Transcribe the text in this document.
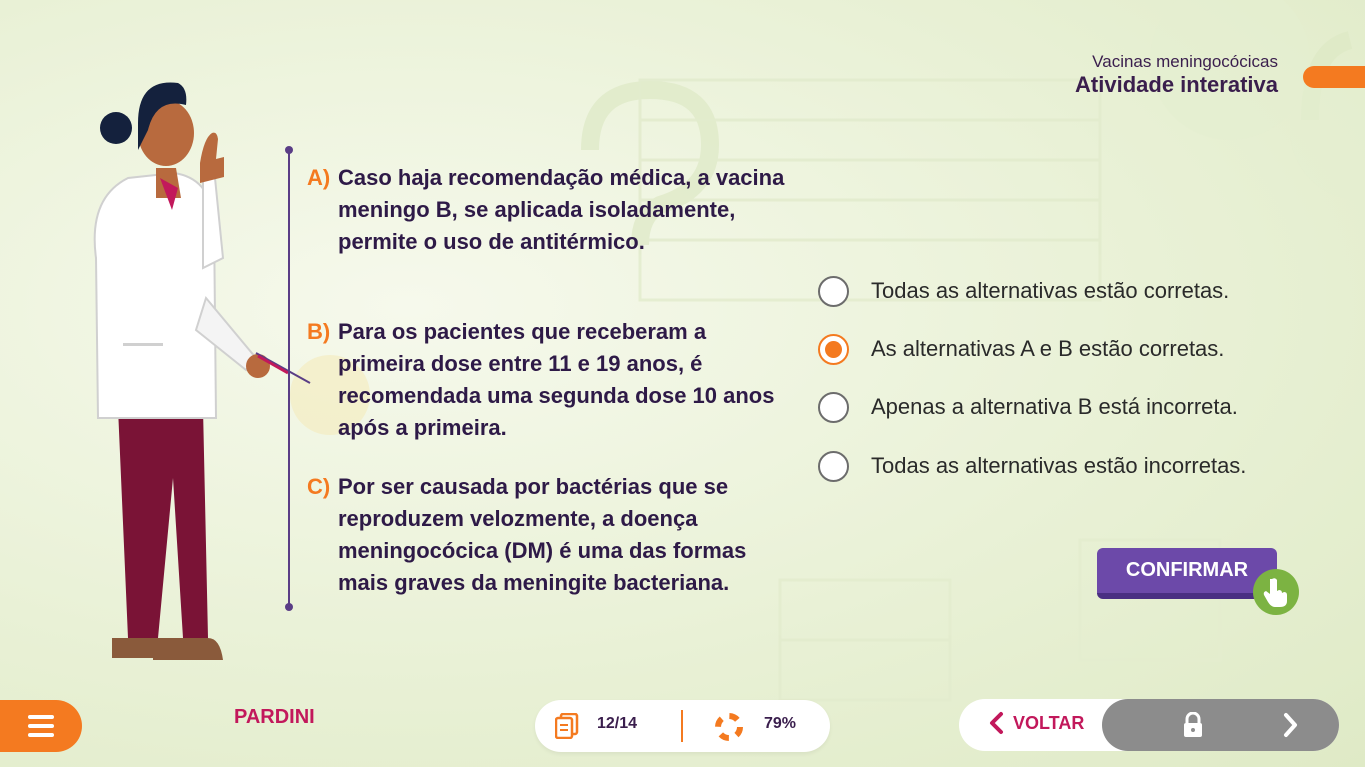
Vacinas meningocócicas
Atividade interativa
A) Caso haja recomendação médica, a vacina meningo B, se aplicada isoladamente, permite o uso de antitérmico.
B) Para os pacientes que receberam a primeira dose entre 11 e 19 anos, é recomendada uma segunda dose 10 anos após a primeira.
C) Por ser causada por bactérias que se reproduzem velozmente, a doença meningocócica (DM) é uma das formas mais graves da meningite bacteriana.
Todas as alternativas estão corretas.
As alternativas A e B estão corretas.
Apenas a alternativa B está incorreta.
Todas as alternativas estão incorretas.
CONFIRMAR
PARDINI	12/14	79%	VOLTAR
